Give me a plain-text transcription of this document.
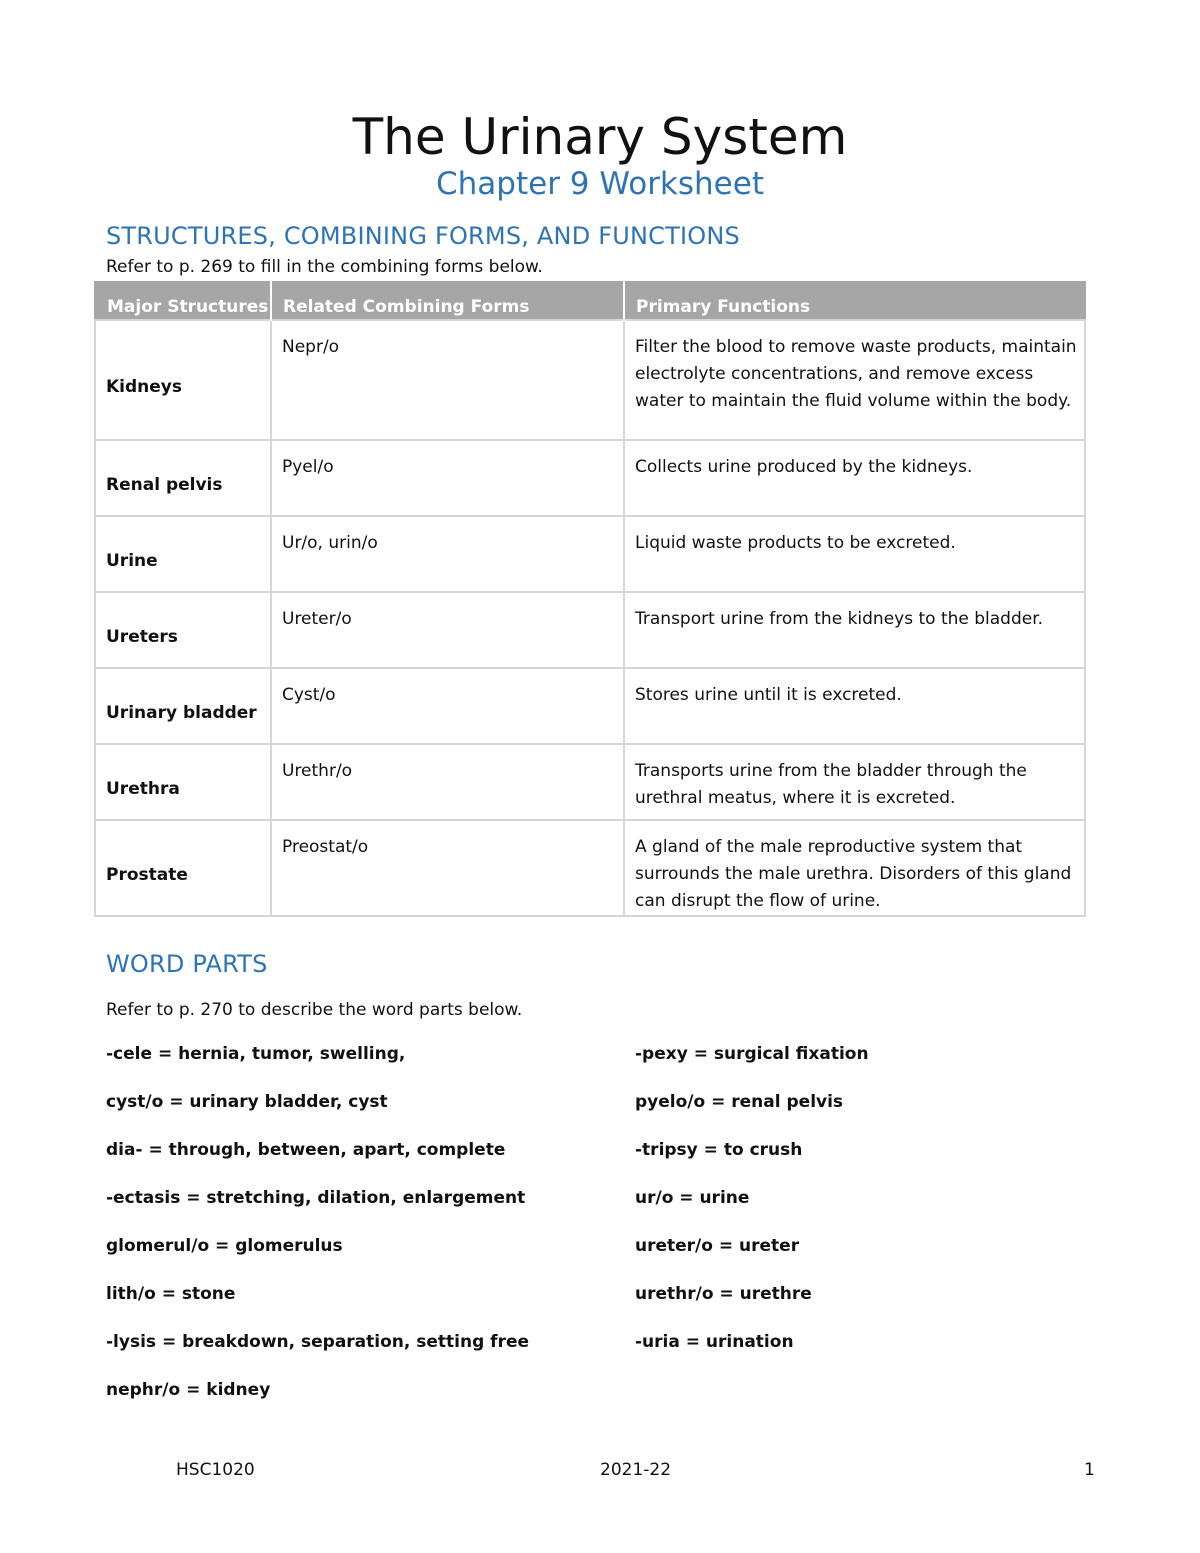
The Urinary System
Chapter 9 Worksheet
STRUCTURES, COMBINING FORMS, AND FUNCTIONS
Refer to p. 269 to fill in the combining forms below.
Major Structures	Related Combining Forms	Primary Functions
Kidneys	Nepr/o	Filter the blood to remove waste products, maintain electrolyte concentrations, and remove excess water to maintain the fluid volume within the body.
Renal pelvis	Pyel/o	Collects urine produced by the kidneys.
Urine	Ur/o, urin/o	Liquid waste products to be excreted.
Ureters	Ureter/o	Transport urine from the kidneys to the bladder.
Urinary bladder	Cyst/o	Stores urine until it is excreted.
Urethra	Urethr/o	Transports urine from the bladder through the urethral meatus, where it is excreted.
Prostate	Preostat/o	A gland of the male reproductive system that surrounds the male urethra. Disorders of this gland can disrupt the flow of urine.
WORD PARTS
Refer to p. 270 to describe the word parts below.
-cele = hernia, tumor, swelling,
cyst/o = urinary bladder, cyst
dia- = through, between, apart, complete
-ectasis = stretching, dilation, enlargement
glomerul/o = glomerulus
lith/o = stone
-lysis = breakdown, separation, setting free
nephr/o = kidney
-pexy = surgical fixation
pyelo/o = renal pelvis
-tripsy = to crush
ur/o = urine
ureter/o = ureter
urethr/o = urethre
-uria = urination
HSC1020	2021-22	1
